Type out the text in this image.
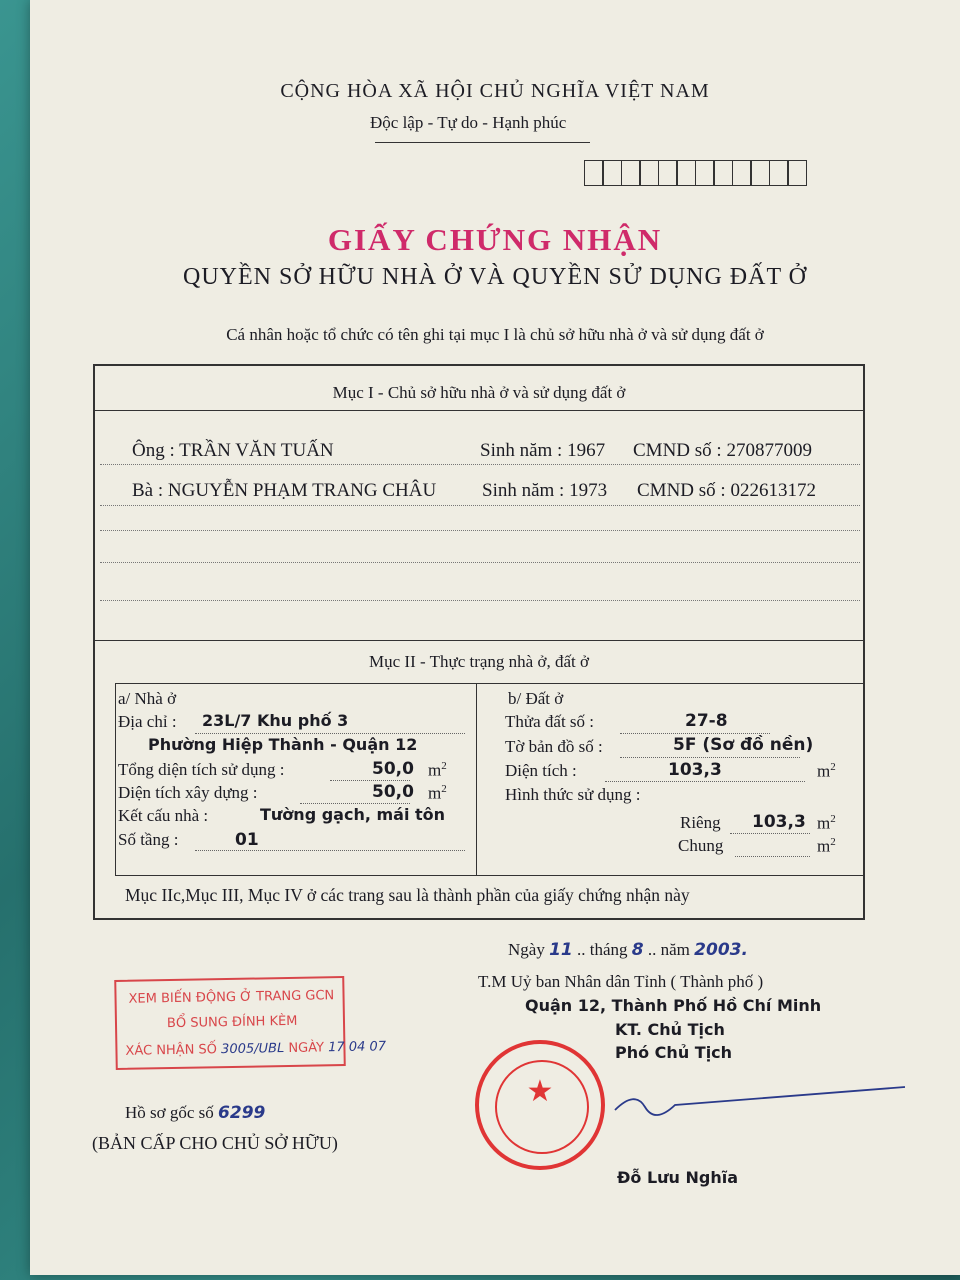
CỘNG HÒA XÃ HỘI CHỦ NGHĨA VIỆT NAM
Độc lập - Tự do - Hạnh phúc
GIẤY CHỨNG NHẬN
QUYỀN SỞ HỮU NHÀ Ở VÀ QUYỀN SỬ DỤNG ĐẤT Ở
Cá nhân hoặc tổ chức có tên ghi tại mục I là chủ sở hữu nhà ở và sử dụng đất ở
Mục I - Chủ sở hữu nhà ở và sử dụng đất ở
Ông : TRẦN VĂN TUẤN	Sinh năm : 1967 CMND số : 270877009
Bà : NGUYỄN PHẠM TRANG CHÂU Sinh năm : 1973 CMND số : 022613172
Mục II - Thực trạng nhà ở, đất ở
a/ Nhà ở
Địa chỉ : 23L/7 Khu phố 3
Phường Hiệp Thành - Quận 12
Tổng diện tích sử dụng :	50,0 $m^2$
Diện tích xây dựng :	50,0 $m^2$
Kết cấu nhà :	Tường gạch, mái tôn
Số tầng :	01
b/ Đất ở
Thửa đất số :	27-8
Tờ bản đồ số :	5F (Sơ đồ nền)
Diện tích :	103,3	$m^2$
Hình thức sử dụng :
Riêng 103,3 $m^2$
Chung	$m^2$
Mục IIc,Mục III, Mục IV ở các trang sau là thành phần của giấy chứng nhận này
Ngày 11 .. tháng 8 .. năm 2003.
T.M Uỷ ban Nhân dân Tỉnh ( Thành phố )
Quận 12, Thành Phố Hồ Chí Minh
KT. Chủ Tịch
Phó Chủ Tịch
★
Đỗ Lưu Nghĩa
XEM BIẾN ĐỘNG Ở TRANG GCN
BỔ SUNG ĐÍNH KÈM
XÁC NHẬN SỐ 3005/UBL NGÀY 17 04 07
Hồ sơ gốc số 6299
(BẢN CẤP CHO CHỦ SỞ HỮU)
